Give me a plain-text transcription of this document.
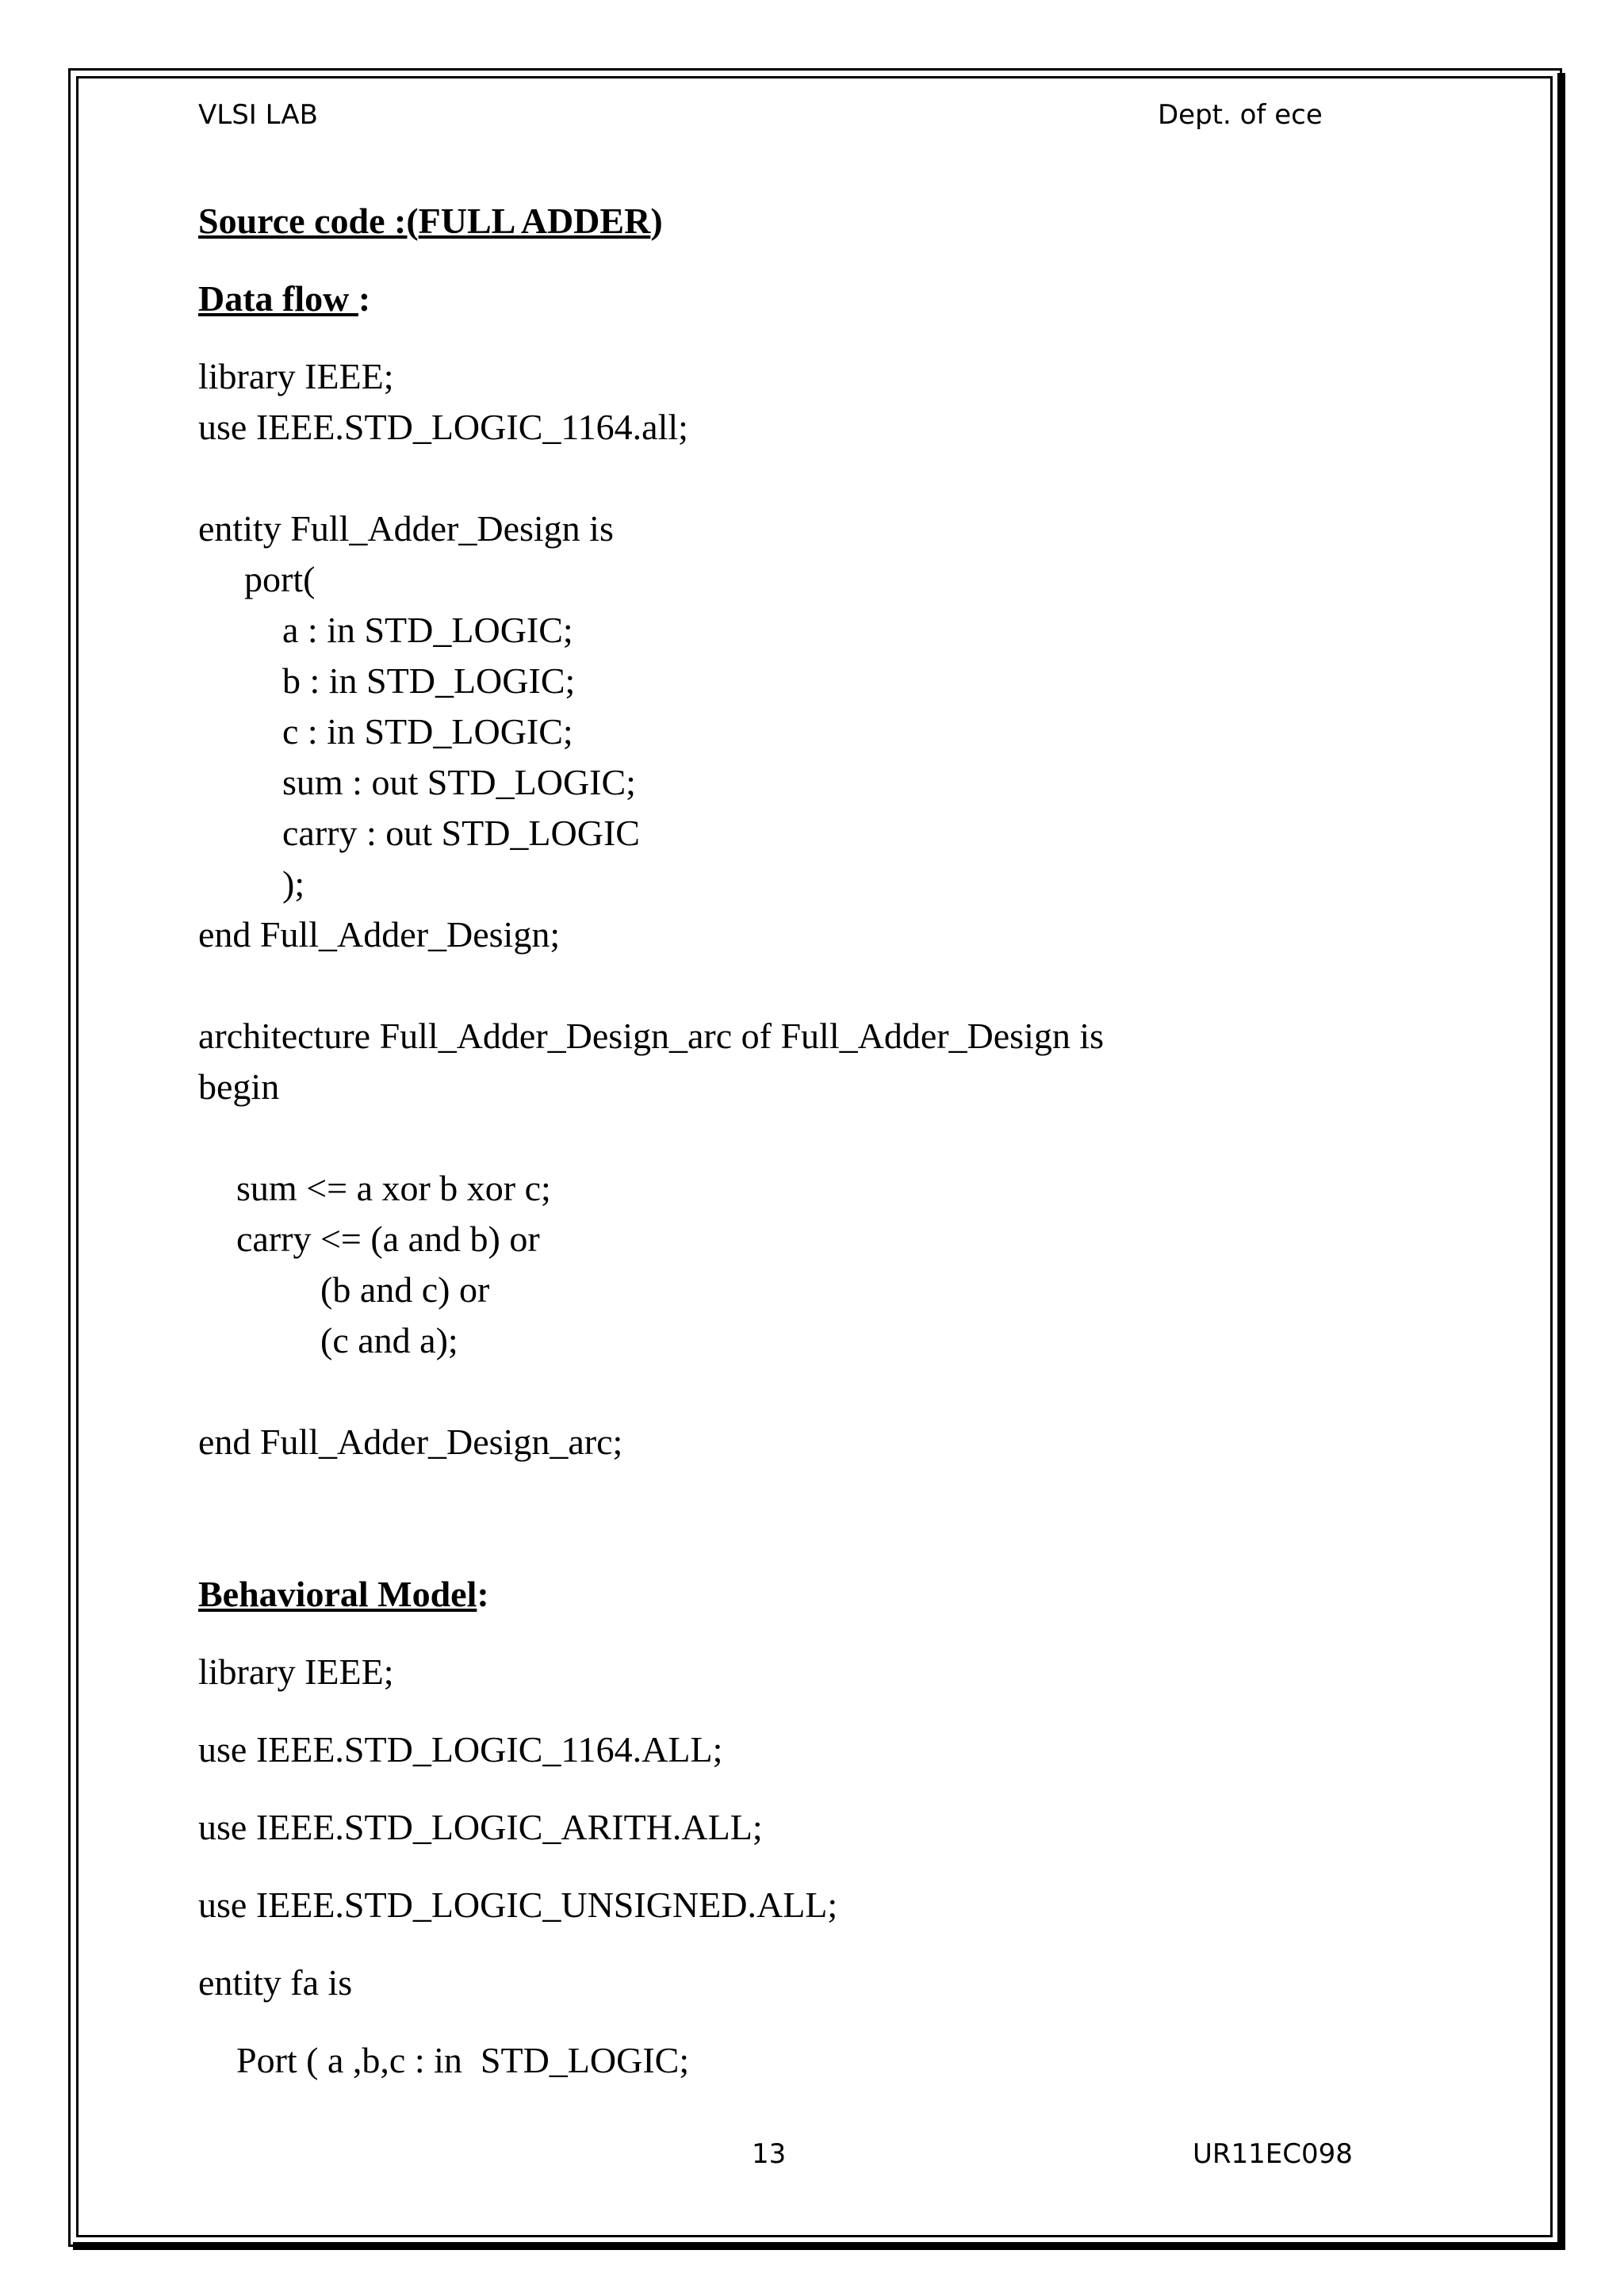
VLSI LAB	Dept. of ece
Source code :(FULL ADDER)
Data flow :
library IEEE;
use IEEE.STD_LOGIC_1164.all;
entity Full_Adder_Design is
port(
a : in STD_LOGIC;
b : in STD_LOGIC;
c : in STD_LOGIC;
sum : out STD_LOGIC;
carry : out STD_LOGIC
);
end Full_Adder_Design;
architecture Full_Adder_Design_arc of Full_Adder_Design is
begin
sum <= a xor b xor c;
carry <= (a and b) or
(b and c) or
(c and a);
end Full_Adder_Design_arc;
Behavioral Model:
library IEEE;
use IEEE.STD_LOGIC_1164.ALL;
use IEEE.STD_LOGIC_ARITH.ALL;
use IEEE.STD_LOGIC_UNSIGNED.ALL;
entity fa is
Port ( a ,b,c : in  STD_LOGIC;
13	UR11EC098
